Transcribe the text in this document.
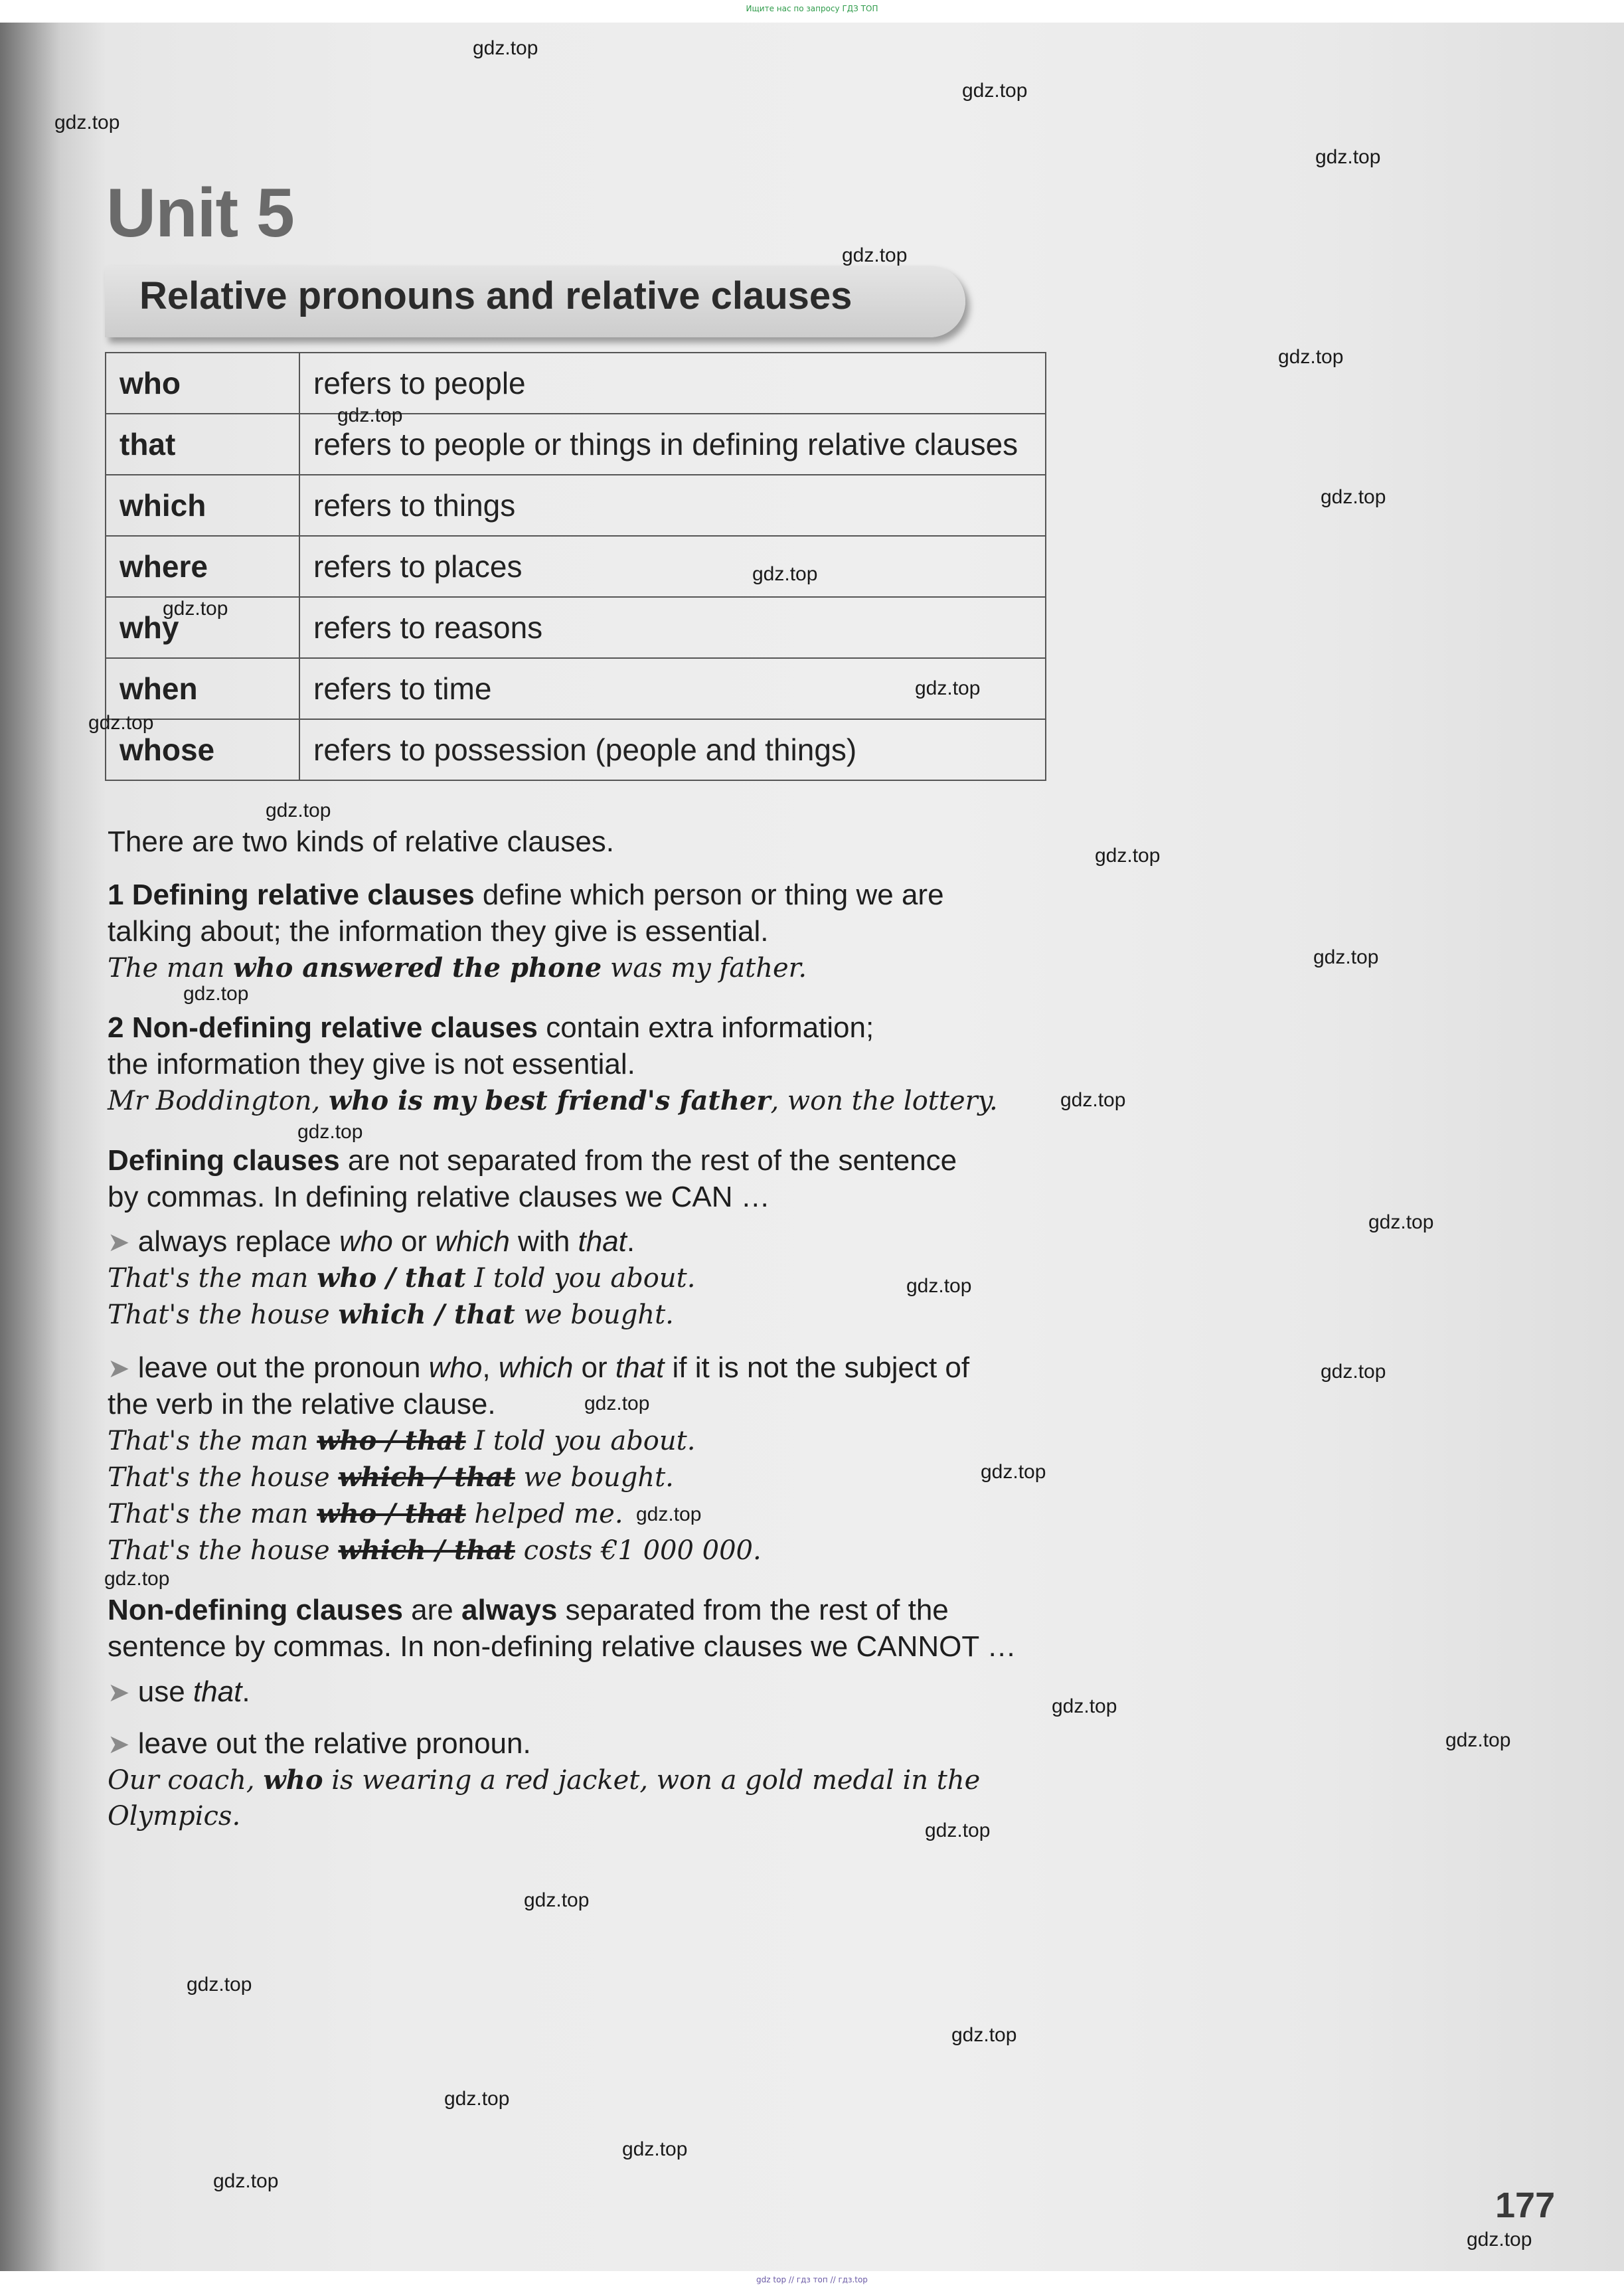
Ищите нас по запросу ГДЗ ТОП
Unit 5
Relative pronouns and relative clauses
who	refers to people
that	refers to people or things in defining relative clauses
which	refers to things
where	refers to places
why	refers to reasons
when	refers to time
whose	refers to possession (people and things)
There are two kinds of relative clauses.
1 Defining relative clauses define which person or thing we are
talking about; the information they give is essential.
The man who answered the phone was my father.
2 Non-defining relative clauses contain extra information;
the information they give is not essential.
Mr Boddington, who is my best friend's father, won the lottery.
Defining clauses are not separated from the rest of the sentence
by commas. In defining relative clauses we CAN …
➤ always replace who or which with that.
That's the man who / that I told you about.
That's the house which / that we bought.
➤ leave out the pronoun who, which or that if it is not the subject of
the verb in the relative clause.
That's the man who / that I told you about.
That's the house which / that we bought.
That's the man who / that helped me.
That's the house which / that costs €1 000 000.
Non-defining clauses are always separated from the rest of the
sentence by commas. In non-defining relative clauses we CANNOT …
➤ use that.
➤ leave out the relative pronoun.
Our coach, who is wearing a red jacket, won a gold medal in the
Olympics.
177
gdz.top
gdz.top
gdz.top
gdz.top
gdz.top
gdz.top
gdz.top
gdz.top
gdz.top
gdz.top
gdz.top
gdz.top
gdz.top
gdz.top
gdz.top
gdz.top
gdz.top
gdz.top
gdz.top
gdz.top
gdz.top
gdz.top
gdz.top
gdz.top
gdz.top
gdz.top
gdz.top
gdz.top
gdz.top
gdz.top
gdz.top
gdz.top
gdz.top
gdz.top
gdz.top
gdz top // гдз топ // гдз.top
